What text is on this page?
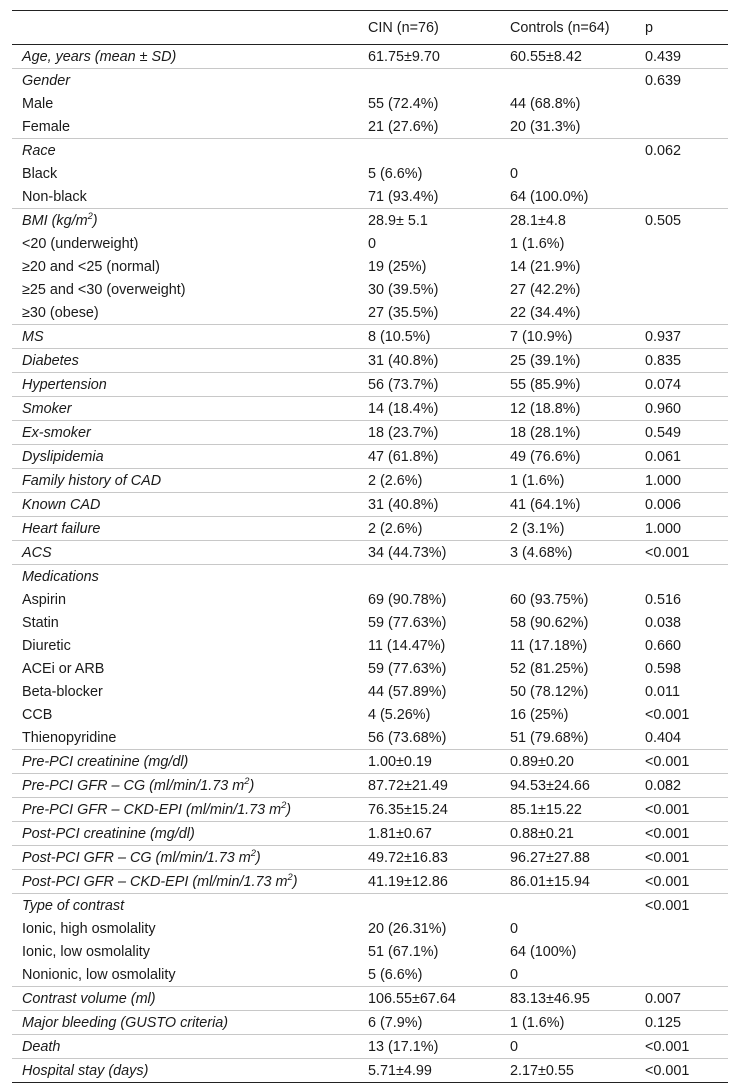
	CIN (n=76)	Controls (n=64)	p
Age, years (mean ± SD)	61.75±9.70	60.55±8.42	0.439
Gender			0.639
Male	55 (72.4%)	44 (68.8%)	
Female	21 (27.6%)	20 (31.3%)	
Race			0.062
Black	5 (6.6%)	0	
Non-black	71 (93.4%)	64 (100.0%)	
BMI $(kg/m^2)$	28.9± 5.1	28.1±4.8	0.505
<20 (underweight)	0	1 (1.6%)	
≥20 and <25 (normal)	19 (25%)	14 (21.9%)	
≥25 and <30 (overweight)	30 (39.5%)	27 (42.2%)	
≥30 (obese)	27 (35.5%)	22 (34.4%)	
MS	8 (10.5%)	7 (10.9%)	0.937
Diabetes	31 (40.8%)	25 (39.1%)	0.835
Hypertension	56 (73.7%)	55 (85.9%)	0.074
Smoker	14 (18.4%)	12 (18.8%)	0.960
Ex-smoker	18 (23.7%)	18 (28.1%)	0.549
Dyslipidemia	47 (61.8%)	49 (76.6%)	0.061
Family history of CAD	2 (2.6%)	1 (1.6%)	1.000
Known CAD	31 (40.8%)	41 (64.1%)	0.006
Heart failure	2 (2.6%)	2 (3.1%)	1.000
ACS	34 (44.73%)	3 (4.68%)	<0.001
Medications			
Aspirin	69 (90.78%)	60 (93.75%)	0.516
Statin	59 (77.63%)	58 (90.62%)	0.038
Diuretic	11 (14.47%)	11 (17.18%)	0.660
ACEi or ARB	59 (77.63%)	52 (81.25%)	0.598
Beta-blocker	44 (57.89%)	50 (78.12%)	0.011
CCB	4 (5.26%)	16 (25%)	<0.001
Thienopyridine	56 (73.68%)	51 (79.68%)	0.404
Pre-PCI creatinine (mg/dl)	1.00±0.19	0.89±0.20	<0.001
Pre-PCI GFR – CG (ml/min/1.73 $m^2$)	87.72±21.49	94.53±24.66	0.082
Pre-PCI GFR – CKD-EPI (ml/min/1.73 $m^2$)	76.35±15.24	85.1±15.22	<0.001
Post-PCI creatinine (mg/dl)	1.81±0.67	0.88±0.21	<0.001
Post-PCI GFR – CG (ml/min/1.73 $m^2$)	49.72±16.83	96.27±27.88	<0.001
Post-PCI GFR – CKD-EPI (ml/min/1.73 $m^2$)	41.19±12.86	86.01±15.94	<0.001
Type of contrast			<0.001
Ionic, high osmolality	20 (26.31%)	0	
Ionic, low osmolality	51 (67.1%)	64 (100%)	
Nonionic, low osmolality	5 (6.6%)	0	
Contrast volume (ml)	106.55±67.64	83.13±46.95	0.007
Major bleeding (GUSTO criteria)	6 (7.9%)	1 (1.6%)	0.125
Death	13 (17.1%)	0	<0.001
Hospital stay (days)	5.71±4.99	2.17±0.55	<0.001
